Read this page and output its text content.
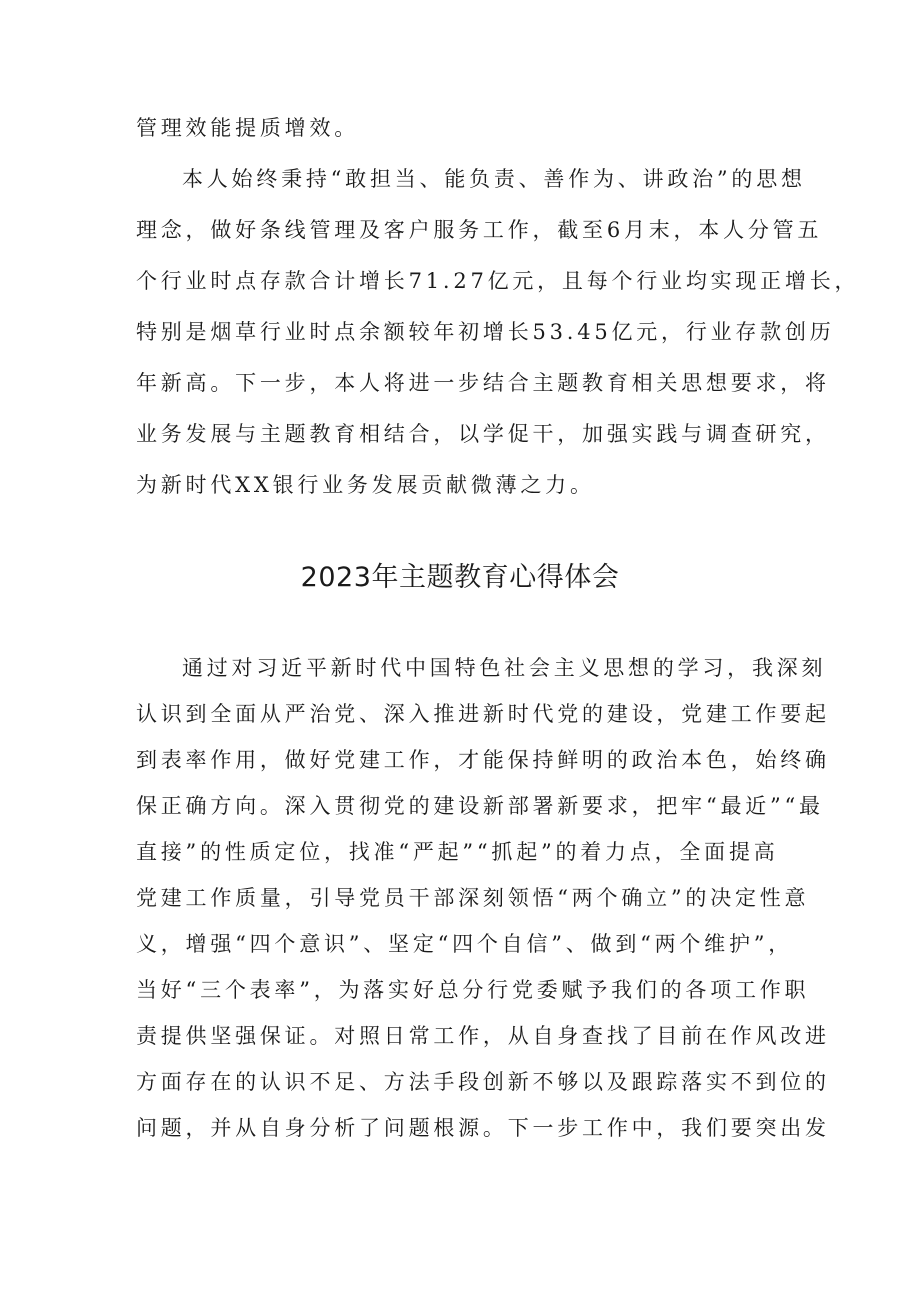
管理效能提质增效。
本人始终秉持“敢担当、能负责、善作为、讲政治”的思想
理念，做好条线管理及客户服务工作，截至6月末，本人分管五
个行业时点存款合计增长71.27亿元，且每个行业均实现正增长，
特别是烟草行业时点余额较年初增长53.45亿元，行业存款创历
年新高。下一步，本人将进一步结合主题教育相关思想要求，将
业务发展与主题教育相结合，以学促干，加强实践与调查研究，
为新时代XX银行业务发展贡献微薄之力。
2023年主题教育心得体会
通过对习近平新时代中国特色社会主义思想的学习，我深刻
认识到全面从严治党、深入推进新时代党的建设，党建工作要起
到表率作用，做好党建工作，才能保持鲜明的政治本色，始终确
保正确方向。深入贯彻党的建设新部署新要求，把牢“最近”“最
直接”的性质定位，找准“严起”“抓起”的着力点，全面提高
党建工作质量，引导党员干部深刻领悟“两个确立”的决定性意
义，增强“四个意识”、坚定“四个自信”、做到“两个维护”，
当好“三个表率”，为落实好总分行党委赋予我们的各项工作职
责提供坚强保证。对照日常工作，从自身查找了目前在作风改进
方面存在的认识不足、方法手段创新不够以及跟踪落实不到位的
问题，并从自身分析了问题根源。下一步工作中，我们要突出发
